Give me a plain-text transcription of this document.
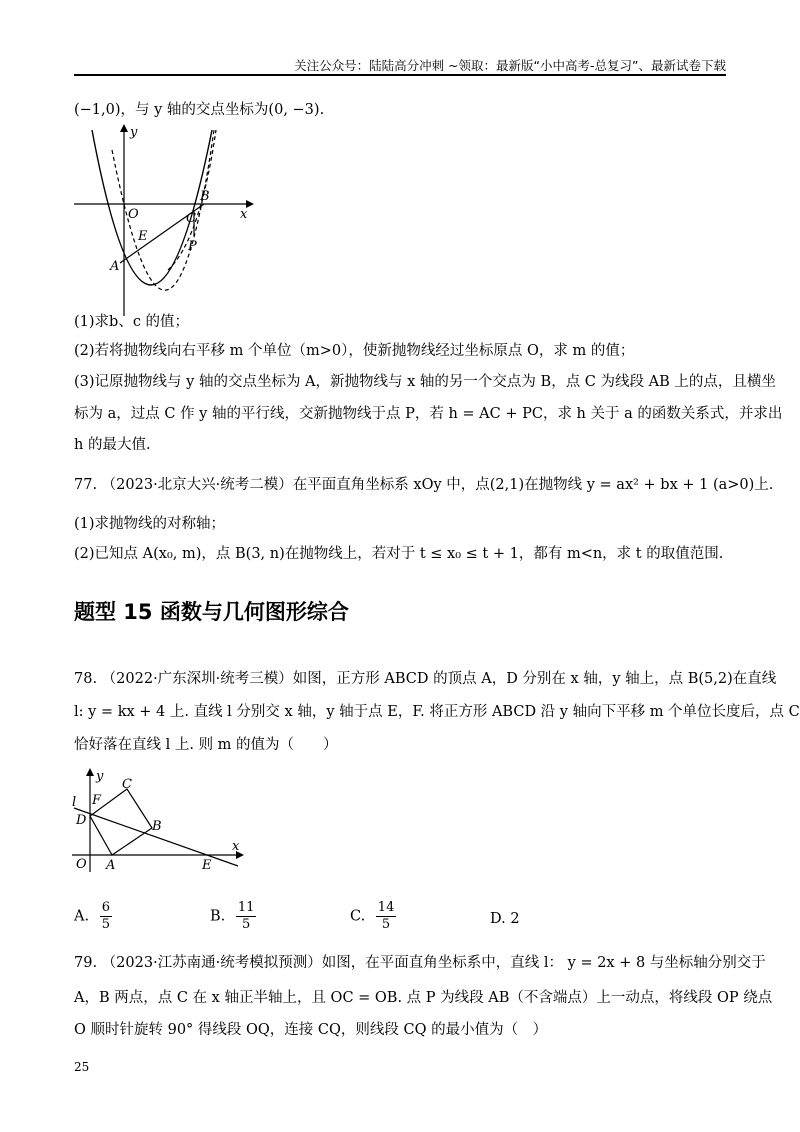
关注公众号：陆陆高分冲刺 ~领取：最新版“小中高考-总复习”、最新试卷下载
(−1,0)，与 y 轴的交点坐标为(0, −3).
y
x
O
B
C
E
P
A
(1)求b、c 的值；
(2)若将抛物线向右平移 m 个单位（m>0），使新抛物线经过坐标原点 O，求 m 的值；
(3)记原抛物线与 y 轴的交点坐标为 A，新抛物线与 x 轴的另一个交点为 B，点 C 为线段 AB 上的点，且横坐
标为 a，过点 C 作 y 轴的平行线，交新抛物线于点 P，若 h = AC + PC，求 h 关于 a 的函数关系式，并求出
h 的最大值.
77. （2023·北京大兴·统考二模）在平面直角坐标系 xOy 中，点(2,1)在抛物线 y = ax² + bx + 1 (a>0)上.
(1)求抛物线的对称轴；
(2)已知点 A(x₀, m)，点 B(3, n)在抛物线上，若对于 t ≤ x₀ ≤ t + 1，都有 m<n，求 t 的取值范围.
题型 15 函数与几何图形综合
78. （2022·广东深圳·统考三模）如图，正方形 ABCD 的顶点 A，D 分别在 x 轴，y 轴上，点 B(5,2)在直线
l: y = kx + 4 上. 直线 l 分别交 x 轴，y 轴于点 E，F. 将正方形 ABCD 沿 y 轴向下平移 m 个单位长度后，点 C
恰好落在直线 l 上. 则 m 的值为（　　）
y
x
l F
C
D	B
O A	E
A. $\frac{6}{5}$	B. $\frac{11}{5}$	C. $\frac{14}{5}$	D. 2
79. （2023·江苏南通·统考模拟预测）如图，在平面直角坐标系中，直线 l： y = 2x + 8 与坐标轴分别交于
A，B 两点，点 C 在 x 轴正半轴上，且 OC = OB. 点 P 为线段 AB（不含端点）上一动点，将线段 OP 绕点
O 顺时针旋转 90° 得线段 OQ，连接 CQ，则线段 CQ 的最小值为（　）
25
